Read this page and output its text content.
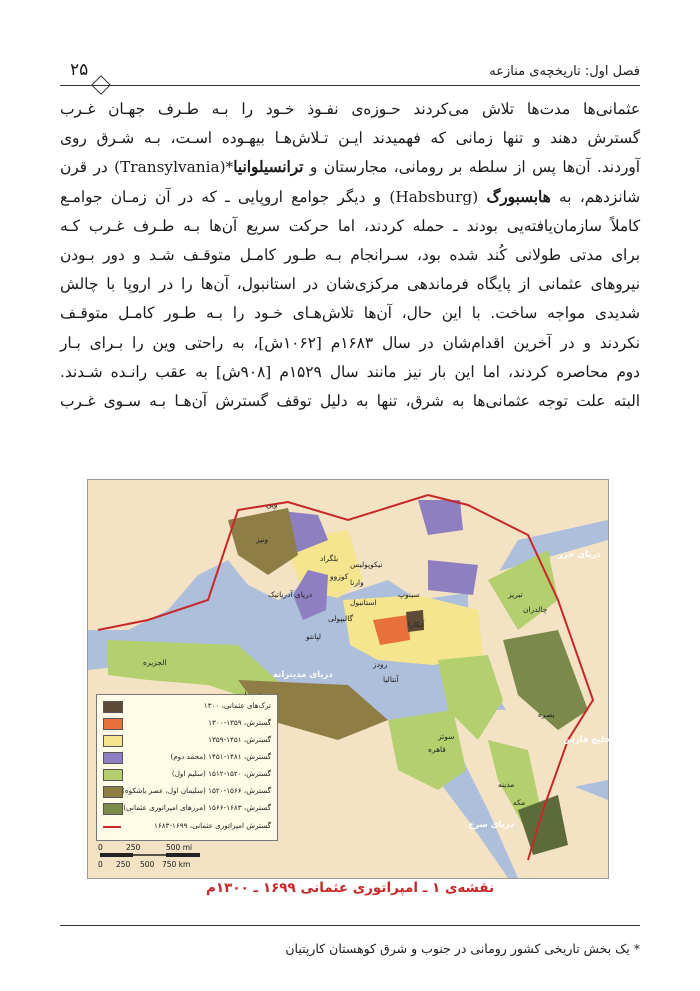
۲۵	فصل اول: تاریخچه‌ی منازعه
عثمانی‌ها مدت‌ها تلاش می‌کردند حـوزه‌ی نفـوذ خـود را بـه طـرف جهـان غـرب
گسترش دهند و تنها زمانی که فهمیدند ایـن تـلاش‌هـا بیهـوده اسـت، بـه شـرق روی
آوردند. آن‌ها پس از سلطه بر رومانی، مجارستان و ترانسیلوانیا*(Transylvania) در قرن
شانزدهم، به هابسبورگ (Habsburg) و دیگر جوامع اروپایی ـ که در آن زمـان جوامـع
کاملاً سازمان‌یافته‌یی بودند ـ حمله کردند، اما حرکت سریع آن‌ها بـه طـرف غـرب کـه
برای مدتی طولانی کُند شده بود، سـرانجام بـه طـور کامـل متوقـف شـد و دور بـودن
نیروهای عثمانی از پایگاه فرماندهی مرکزی‌شان در استانبول، آن‌ها را در اروپا با چالش
شدیدی مواجه ساخت. با این حال، آن‌ها تلاش‌هـای خـود را بـه طـور کامـل متوقـف
نکردند و در آخرین اقدام‌شان در سال ۱۶۸۳م [۱۰۶۲ش]، به راحتی وین را بـرای بـار
دوم محاصره کردند، اما این بار نیز مانند سال ۱۵۲۹م [۹۰۸ش] به عقب رانـده شـدند.
البته علت توجه عثمانی‌ها به شرق، تنها به دلیل توقف گسترش آن‌هـا بـه سـوی غـرب
وین
ونیز
بلگراد
کوزوو
نیکوپولیس
وارنا
استانبول
سینوپ
آنکارا
تبریز
چالدران
گالیپولی
لپانتو
رودز
آنتالیا
بصره
الجزیره
سوئز
قاهره
مدینه
مکه
دریای مدیترانه
دریای خزر
دریای سرخ
خلیج فارس
دریای آدریاتیک
ترک‌های عثمانی، ۱۳۰۰
گسترش، ۱۳۵۹-۱۳۰۰
گسترش، ۱۴۵۱-۱۳۵۹
گسترش، ۱۴۸۱-۱۴۵۱ (محمد دوم)
گسترش، ۱۵۲۰-۱۵۱۲ (سلیم اول)
گسترش، ۱۵۶۶-۱۵۲۰ (سلیمان اول، عصر باشکوه)
گسترش، ۱۶۸۳-۱۵۶۶ (مرزهای امپراتوری عثمانی)
گسترش امپراتوری عثمانی، ۱۶۹۹-۱۶۸۳
0	250	500 mi
0 250 500 750 km
نقشه‌ی ۱ ـ امپراتوری عثمانی ۱۶۹۹ ـ ۱۳۰۰م
* یک بخش تاریخی کشور رومانی در جنوب و شرق کوهستان کارپتیان
